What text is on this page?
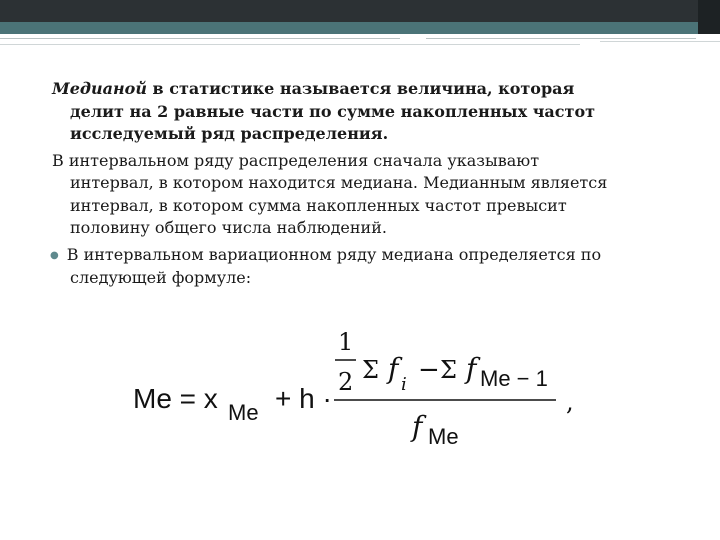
Медианой в статистике называется величина, которая
делит на 2 равные части по сумме накопленных частот
исследуемый ряд распределения.

В интервальном ряду распределения сначала указывают
интервал, в котором находится медиана. Медианным является
интервал, в котором сумма накопленных частот превысит
половину общего числа наблюдений.

● В интервальном вариационном ряду медиана определяется по
следующей формуле:

Me = x Me + h ·
1
2 Σ f i − Σ f Me − 1
f Me
,
